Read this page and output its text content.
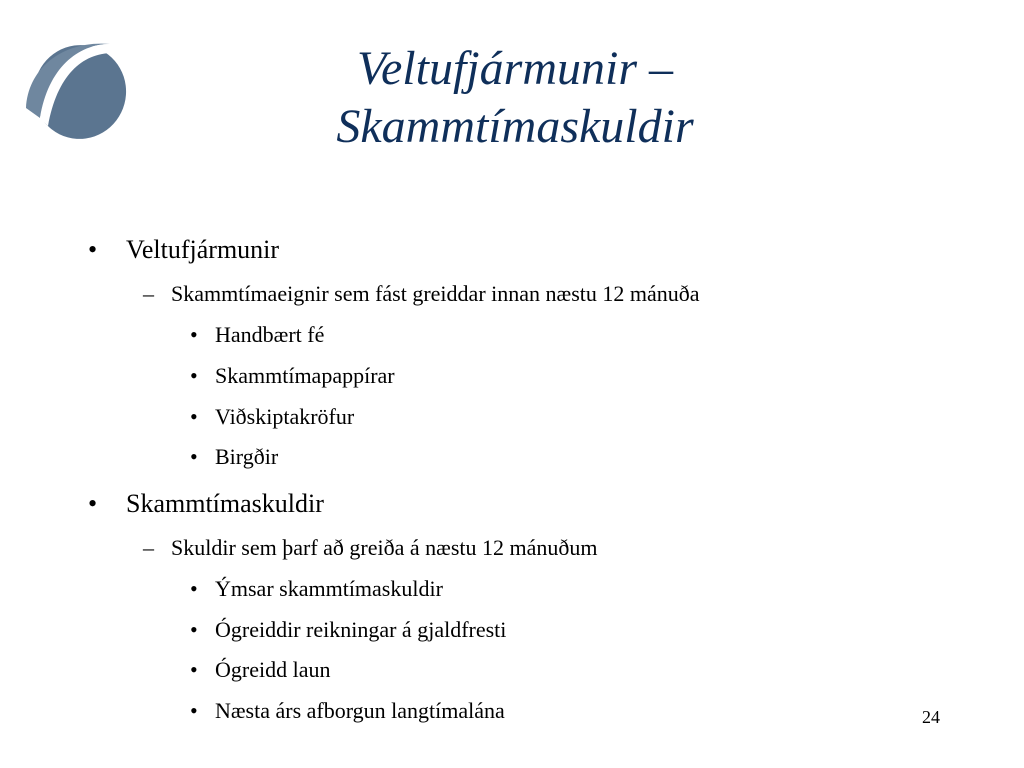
Veltufjármunir –
Skammtímaskuldir
• Veltufjármunir
– Skammtímaeignir sem fást greiddar innan næstu 12 mánuða
• Handbært fé
• Skammtímapappírar
• Viðskiptakröfur
• Birgðir
• Skammtímaskuldir
– Skuldir sem þarf að greiða á næstu 12 mánuðum
• Ýmsar skammtímaskuldir
• Ógreiddir reikningar á gjaldfresti
• Ógreidd laun
• Næsta árs afborgun langtímalána	24
